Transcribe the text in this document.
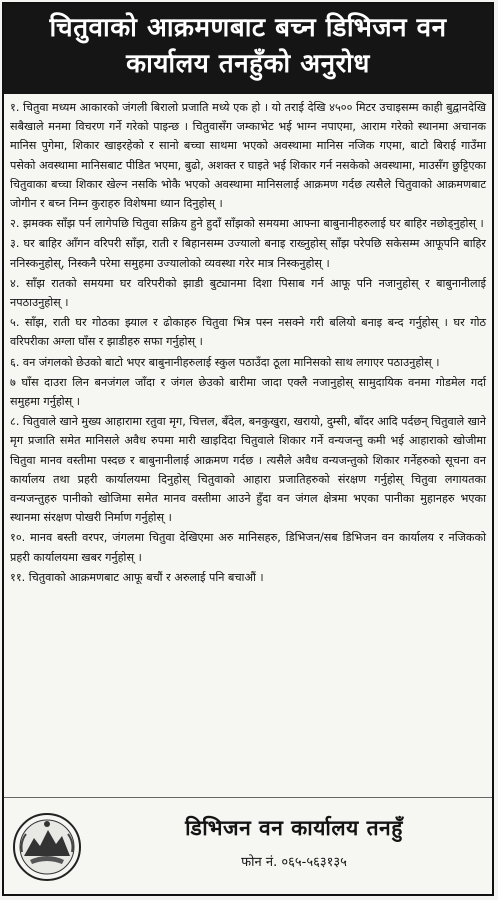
चितुवाको आक्रमणबाट बच्न डिभिजन वन
कार्यालय तनहुँको अनुरोध

१. चितुवा मध्यम आकारको जंगली बिरालो प्रजाति मध्ये एक हो । यो तराई देखि ४५०० मिटर उचाइसम्म काही बुद्वानदेखि सबैखाले मनमा विचरण गर्ने गरेको पाइन्छ । चितुवासँग जम्काभेट भई भाग्न नपाएमा, आराम गरेको स्थानमा अचानक मानिस पुगेमा, शिकार खाइरहेको र सानो बच्चा साथमा भएको अवस्थामा मानिस नजिक गएमा, बाटो बिराई गाउँमा पसेको अवस्थामा मानिसबाट पीडित भएमा, बुढो, अशक्त र घाइते भई शिकार गर्न नसकेको अवस्थामा, माउसँग छुट्टिएका चितुवाका बच्चा शिकार खेल्न नसकि भोकै भएको अवस्थामा मानिसलाई आक्रमण गर्दछ त्यसैले चितुवाको आक्रमणबाट जोगीन र बच्न निम्न कुराहरु विशेषमा ध्यान दिनुहोस् ।

२. झमक्क साँझ पर्न लागेपछि चितुवा सक्रिय हुने हुदाँ साँझको समयमा आफ्ना बाबुनानीहरुलाई घर बाहिर नछोड्नुहोस् ।

३. घर बाहिर आँगन वरिपरी साँझ, राती र बिहानसम्म उज्यालो बनाइ राख्नुहोस् साँझ परेपछि सकेसम्म आफूपनि बाहिर ननिस्कनुहोस्, निस्कनै परेमा समुहमा उज्यालोको व्यवस्था गरेर मात्र निस्कनुहोस् ।

४. साँझ रातको समयमा घर वरिपरीको झाडी बुट्यानमा दिशा पिसाब गर्न आफू पनि नजानुहोस् र बाबुनानीलाई नपठाउनुहोस् ।

५. साँझ, राती घर गोठका झ्याल र ढोकाहरु चितुवा भित्र पस्न नसक्ने गरी बलियो बनाइ बन्द गर्नुहोस् । घर गोठ वरिपरीका अग्ला घाँस र झाडीहरु सफा गर्नुहोस् ।

६. वन जंगलको छेउको बाटो भएर बाबुनानीहरुलाई स्कुल पठाउँदा ठूला मानिसको साथ लगाएर पठाउनुहोस् ।

७ घाँस दाउरा लिन बनजंगल जाँदा र जंगल छेउको बारीमा जादा एक्लै नजानुहोस् सामुदायिक वनमा गोडमेल गर्दा समुहमा गर्नुहोस् ।

८. चितुवाले खाने मुख्य आहारामा रतुवा मृग, चित्तल, बँदेल, बनकुखुरा, खरायो, दुम्सी, बाँदर आदि पर्दछन् चितुवाले खाने मृग प्रजाति समेत मानिसले अवैध रुपमा मारी खाइदिदा चितुवाले शिकार गर्ने वन्यजन्तु कमी भई आहाराको खोजीमा चितुवा मानव वस्तीमा पस्दछ र बाबुनानीलाई आक्रमण गर्दछ । त्यसैले अवैध वन्यजन्तुको शिकार गर्नेहरुको सूचना वन कार्यालय तथा प्रहरी कार्यालयमा दिनुहोस् चितुवाको आहारा प्रजातिहरुको संरक्षण गर्नुहोस् चितुवा लगायतका वन्यजन्तुहरु पानीको खोजिमा समेत मानव वस्तीमा आउने हुँदा वन जंगल क्षेत्रमा भएका पानीका मुहानहरु भएका स्थानमा संरक्षण पोखरी निर्माण गर्नुहोस् ।

१०. मानव बस्ती वरपर, जंगलमा चितुवा देखिएमा अरु मानिसहरु, डिभिजन/सब डिभिजन वन कार्यालय र नजिकको प्रहरी कार्यालयमा खबर गर्नुहोस् ।

११. चितुवाको आक्रमणबाट आफू बचौं र अरुलाई पनि बचाऔं ।

डिभिजन वन कार्यालय तनहुँ
फोन नं. ०६५-५६३१३५
